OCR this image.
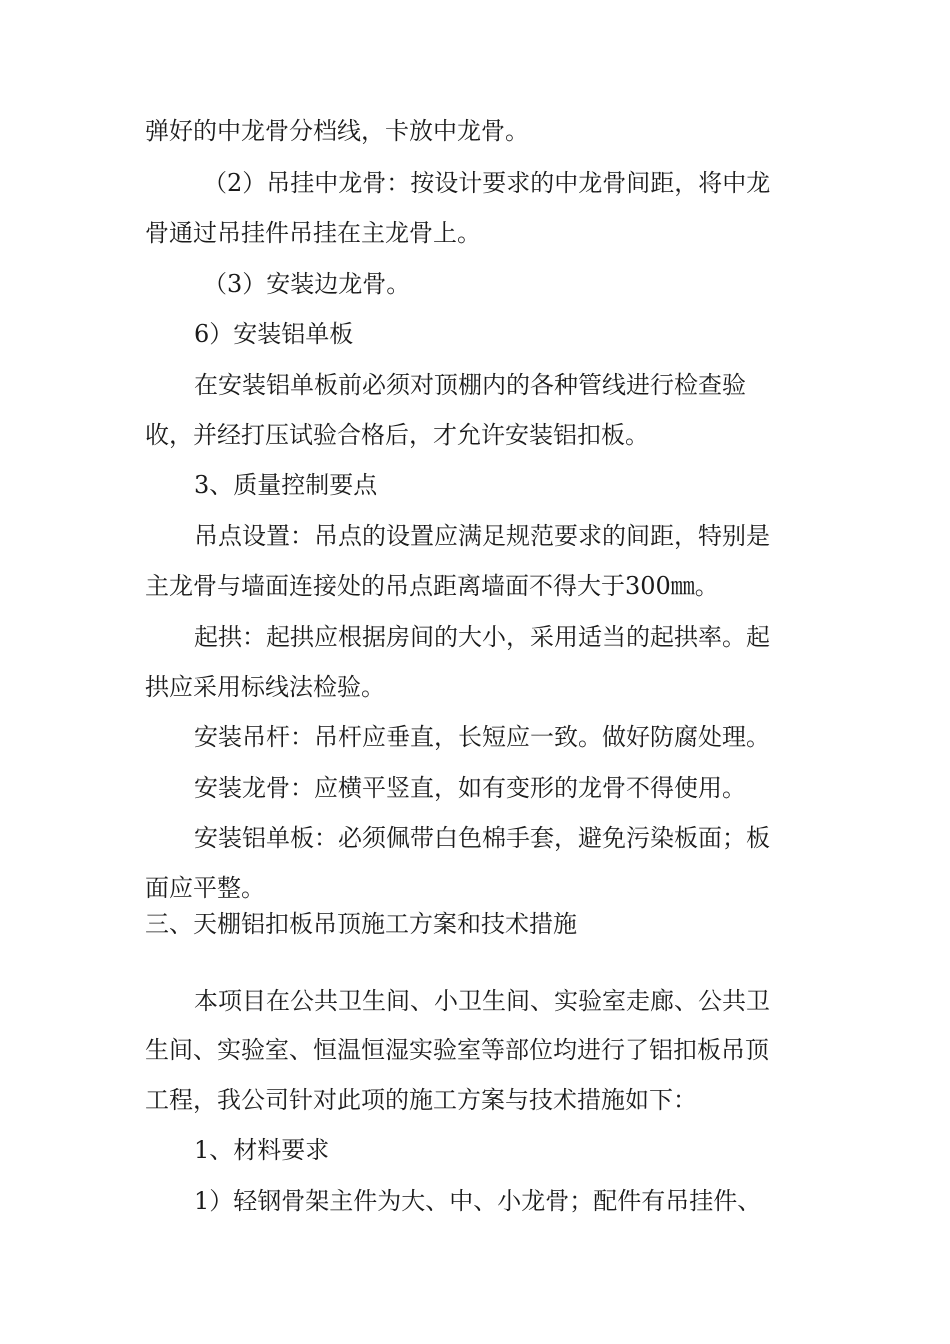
弹好的中龙骨分档线，卡放中龙骨。
（2）吊挂中龙骨：按设计要求的中龙骨间距，将中龙
骨通过吊挂件吊挂在主龙骨上。
（3）安装边龙骨。
6）安装铝单板
在安装铝单板前必须对顶棚内的各种管线进行检查验
收，并经打压试验合格后，才允许安装铝扣板。
3、质量控制要点
吊点设置：吊点的设置应满足规范要求的间距，特别是
主龙骨与墙面连接处的吊点距离墙面不得大于300㎜。
起拱：起拱应根据房间的大小，采用适当的起拱率。起
拱应采用标线法检验。
安装吊杆：吊杆应垂直，长短应一致。做好防腐处理。
安装龙骨：应横平竖直，如有变形的龙骨不得使用。
安装铝单板：必须佩带白色棉手套，避免污染板面；板
面应平整。
三、天棚铝扣板吊顶施工方案和技术措施
本项目在公共卫生间、小卫生间、实验室走廊、公共卫
生间、实验室、恒温恒湿实验室等部位均进行了铝扣板吊顶
工程，我公司针对此项的施工方案与技术措施如下：
1、材料要求
1）轻钢骨架主件为大、中、小龙骨；配件有吊挂件、
